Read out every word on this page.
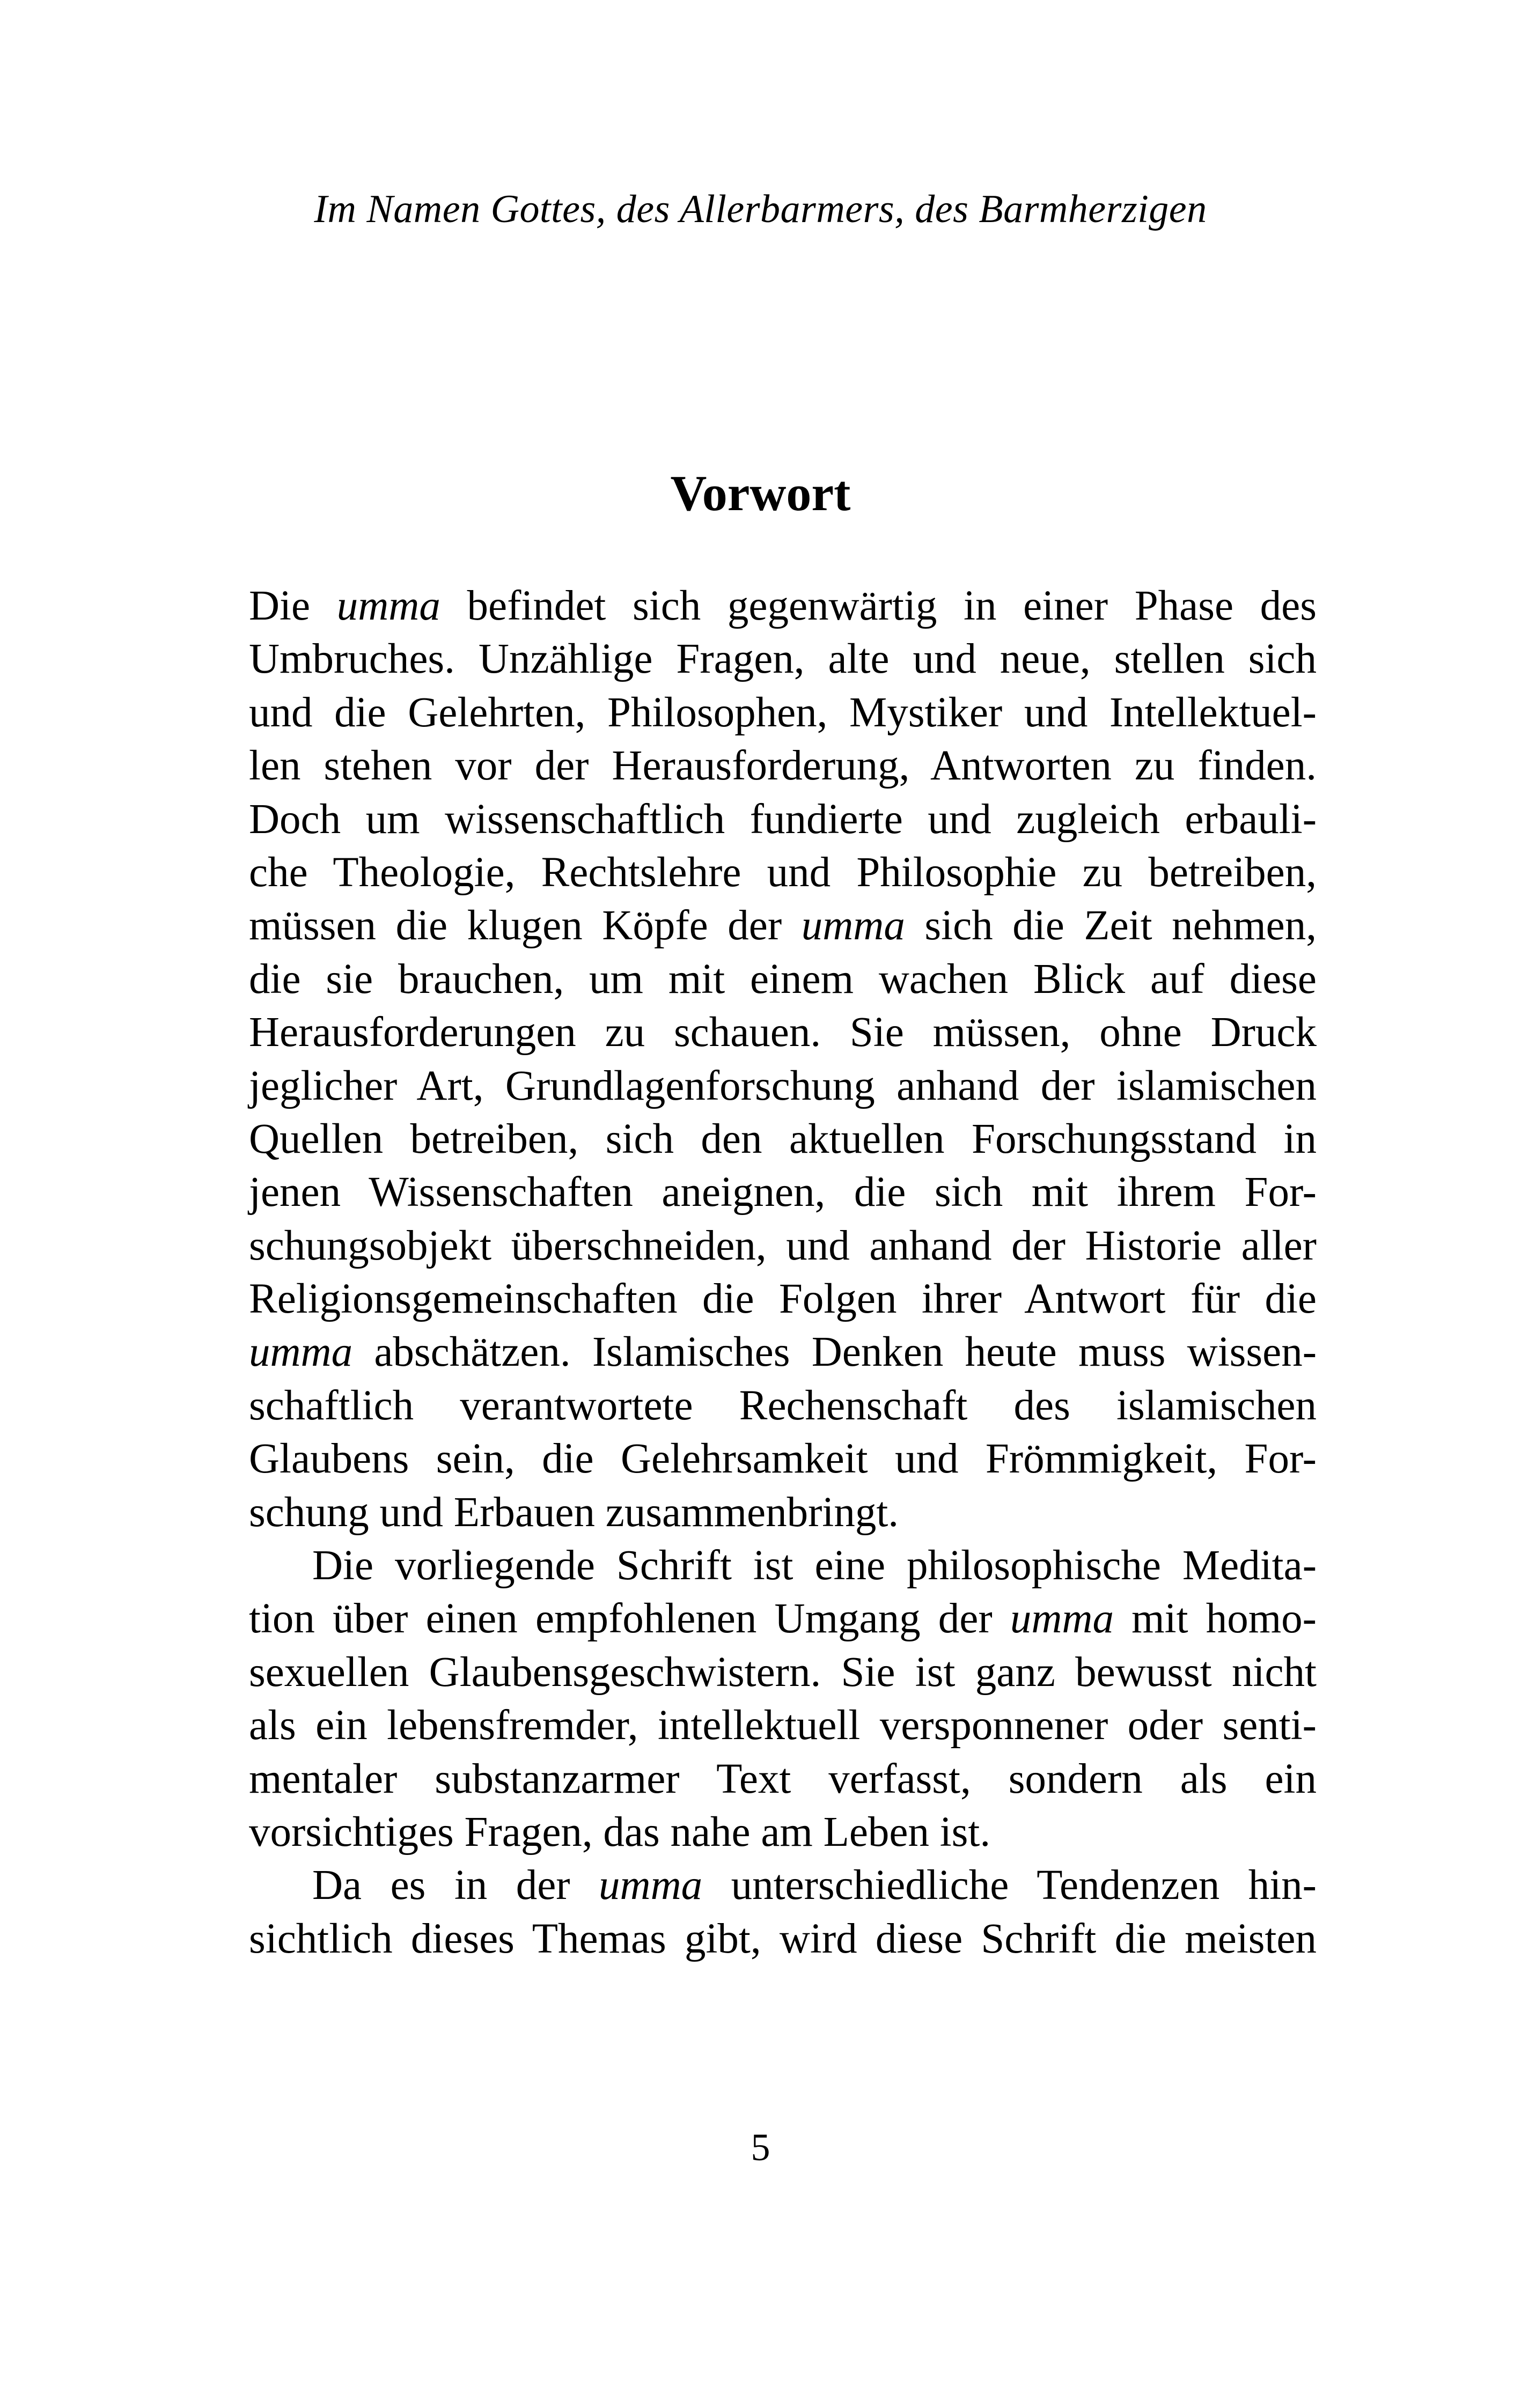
Im Namen Gottes, des Allerbarmers, des Barmherzigen

Vorwort

Die umma befindet sich gegenwärtig in einer Phase des

Umbruches. Unzählige Fragen, alte und neue, stellen sich

und die Gelehrten, Philosophen, Mystiker und Intellektuel-

len stehen vor der Herausforderung, Antworten zu finden.

Doch um wissenschaftlich fundierte und zugleich erbauli-

che Theologie, Rechtslehre und Philosophie zu betreiben,

müssen die klugen Köpfe der umma sich die Zeit nehmen,

die sie brauchen, um mit einem wachen Blick auf diese

Herausforderungen zu schauen. Sie müssen, ohne Druck

jeglicher Art, Grundlagenforschung anhand der islamischen

Quellen betreiben, sich den aktuellen Forschungsstand in

jenen Wissenschaften aneignen, die sich mit ihrem For-

schungsobjekt überschneiden, und anhand der Historie aller

Religionsgemeinschaften die Folgen ihrer Antwort für die

umma abschätzen. Islamisches Denken heute muss wissen-

schaftlich verantwortete Rechenschaft des islamischen

Glaubens sein, die Gelehrsamkeit und Frömmigkeit, For-

schung und Erbauen zusammenbringt.

Die vorliegende Schrift ist eine philosophische Medita-

tion über einen empfohlenen Umgang der umma mit homo-

sexuellen Glaubensgeschwistern. Sie ist ganz bewusst nicht

als ein lebensfremder, intellektuell versponnener oder senti-

mentaler substanzarmer Text verfasst, sondern als ein

vorsichtiges Fragen, das nahe am Leben ist.

Da es in der umma unterschiedliche Tendenzen hin-

sichtlich dieses Themas gibt, wird diese Schrift die meisten

5
